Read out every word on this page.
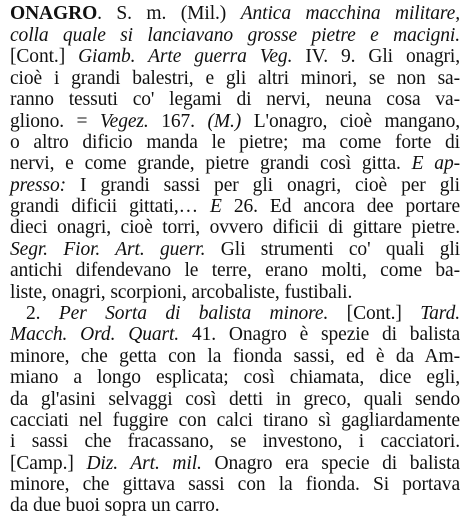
ONAGRO. S. m. (Mil.) Antica macchina militare,
colla quale si lanciavano grosse pietre e macigni.
[Cont.] Giamb. Arte guerra Veg. IV. 9. Gli onagri,
cioè i grandi balestri, e gli altri minori, se non sa-
ranno tessuti co' legami di nervi, neuna cosa va-
gliono. = Vegez. 167. (M.) L'onagro, cioè mangano,
o altro dificio manda le pietre; ma come forte di
nervi, e come grande, pietre grandi così gitta. E ap-
presso: I grandi sassi per gli onagri, cioè per gli
grandi dificii gittati,… E 26. Ed ancora dee portare
dieci onagri, cioè torri, ovvero dificii di gittare pietre.
Segr. Fior. Art. guerr. Gli strumenti co' quali gli
antichi difendevano le terre, erano molti, come ba-
liste, onagri, scorpioni, arcobaliste, fustibali.
2. Per Sorta di balista minore. [Cont.] Tard.
Macch. Ord. Quart. 41. Onagro è spezie di balista
minore, che getta con la fionda sassi, ed è da Am-
miano a longo esplicata; così chiamata, dice egli,
da gl'asini selvaggi così detti in greco, quali sendo
cacciati nel fuggire con calci tirano sì gagliardamente
i sassi che fracassano, se investono, i cacciatori.
[Camp.] Diz. Art. mil. Onagro era specie di balista
minore, che gittava sassi con la fionda. Si portava
da due buoi sopra un carro.
